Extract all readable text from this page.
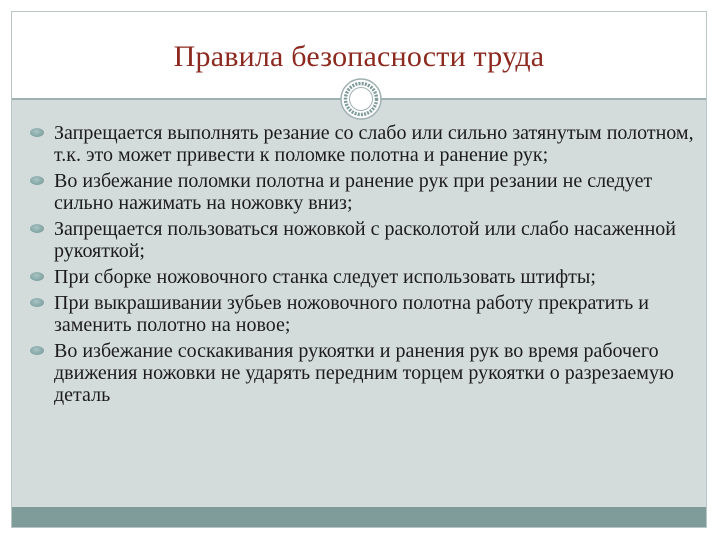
Правила безопасности труда
Запрещается выполнять резание со слабо или сильно затянутым полотном, т.к. это может привести к поломке полотна и ранение рук;
Во избежание поломки полотна и ранение рук при резании не следует сильно нажимать на ножовку вниз;
Запрещается пользоваться ножовкой с расколотой или слабо насаженной рукояткой;
При сборке ножовочного станка следует использовать штифты;
При выкрашивании зубьев ножовочного полотна работу прекратить и заменить полотно на новое;
Во избежание соскакивания рукоятки и ранения рук во время рабочего движения ножовки не ударять передним торцем рукоятки о разрезаемую деталь
